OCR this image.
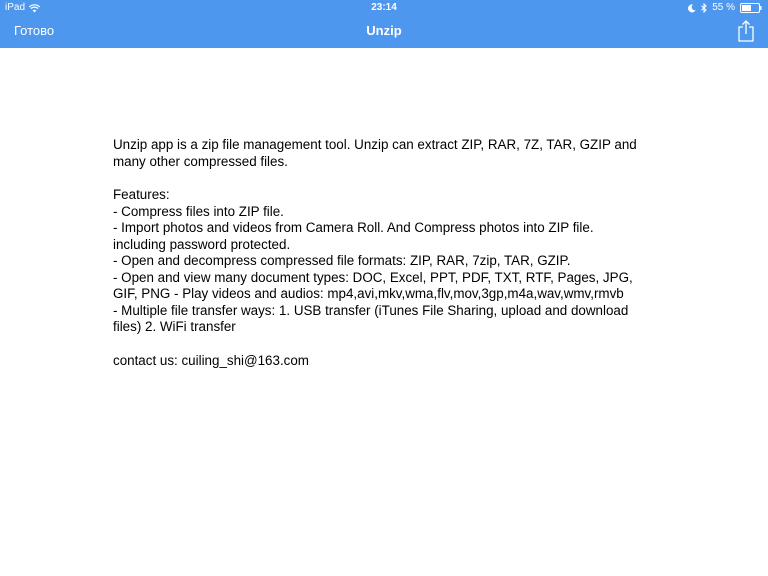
iPad	23:14	55 %
Готово	Unzip
Unzip app is a zip file management tool. Unzip can extract ZIP, RAR, 7Z, TAR, GZIP and
many other compressed files.
Features:
- Compress files into ZIP file.
- Import photos and videos from Camera Roll. And Compress photos into ZIP file.
including password protected.
- Open and decompress compressed file formats: ZIP, RAR, 7zip, TAR, GZIP.
- Open and view many document types: DOC, Excel, PPT, PDF, TXT, RTF, Pages, JPG,
GIF, PNG - Play videos and audios: mp4,avi,mkv,wma,flv,mov,3gp,m4a,wav,wmv,rmvb
- Multiple file transfer ways: 1. USB transfer (iTunes File Sharing, upload and download
files) 2. WiFi transfer
contact us: cuiling_shi@163.com
